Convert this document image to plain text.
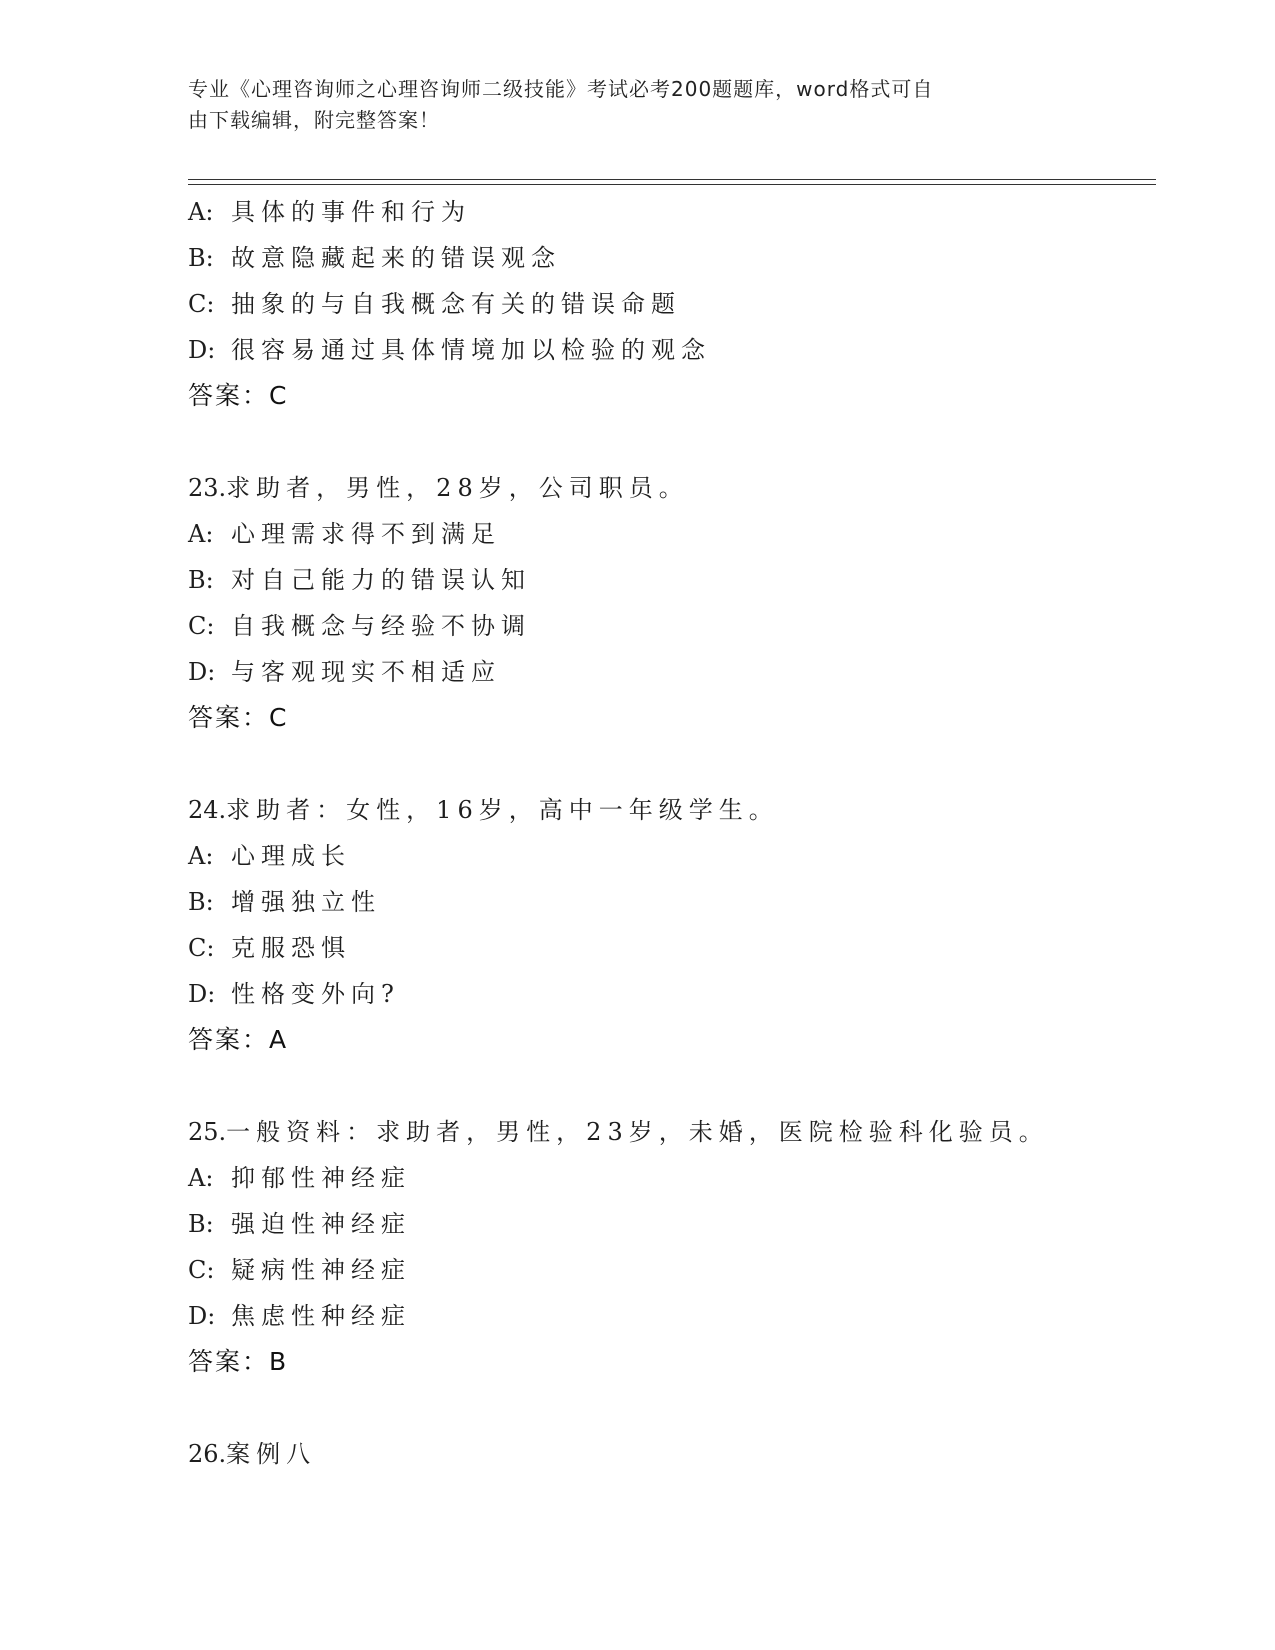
专业《心理咨询师之心理咨询师二级技能》考试必考200题题库，word格式可自
由下载编辑，附完整答案！
A: 具体的事件和行为
B: 故意隐藏起来的错误观念
C: 抽象的与自我概念有关的错误命题
D: 很容易通过具体情境加以检验的观念
答案：C
23.求助者，男性，28岁，公司职员。
A: 心理需求得不到满足
B: 对自己能力的错误认知
C: 自我概念与经验不协调
D: 与客观现实不相适应
答案：C
24.求助者：女性，16岁，高中一年级学生。
A: 心理成长
B: 增强独立性
C: 克服恐惧
D: 性格变外向?
答案：A
25.一般资料：求助者，男性，23岁，未婚，医院检验科化验员。
A: 抑郁性神经症
B: 强迫性神经症
C: 疑病性神经症
D: 焦虑性种经症
答案：B
26.案例八
